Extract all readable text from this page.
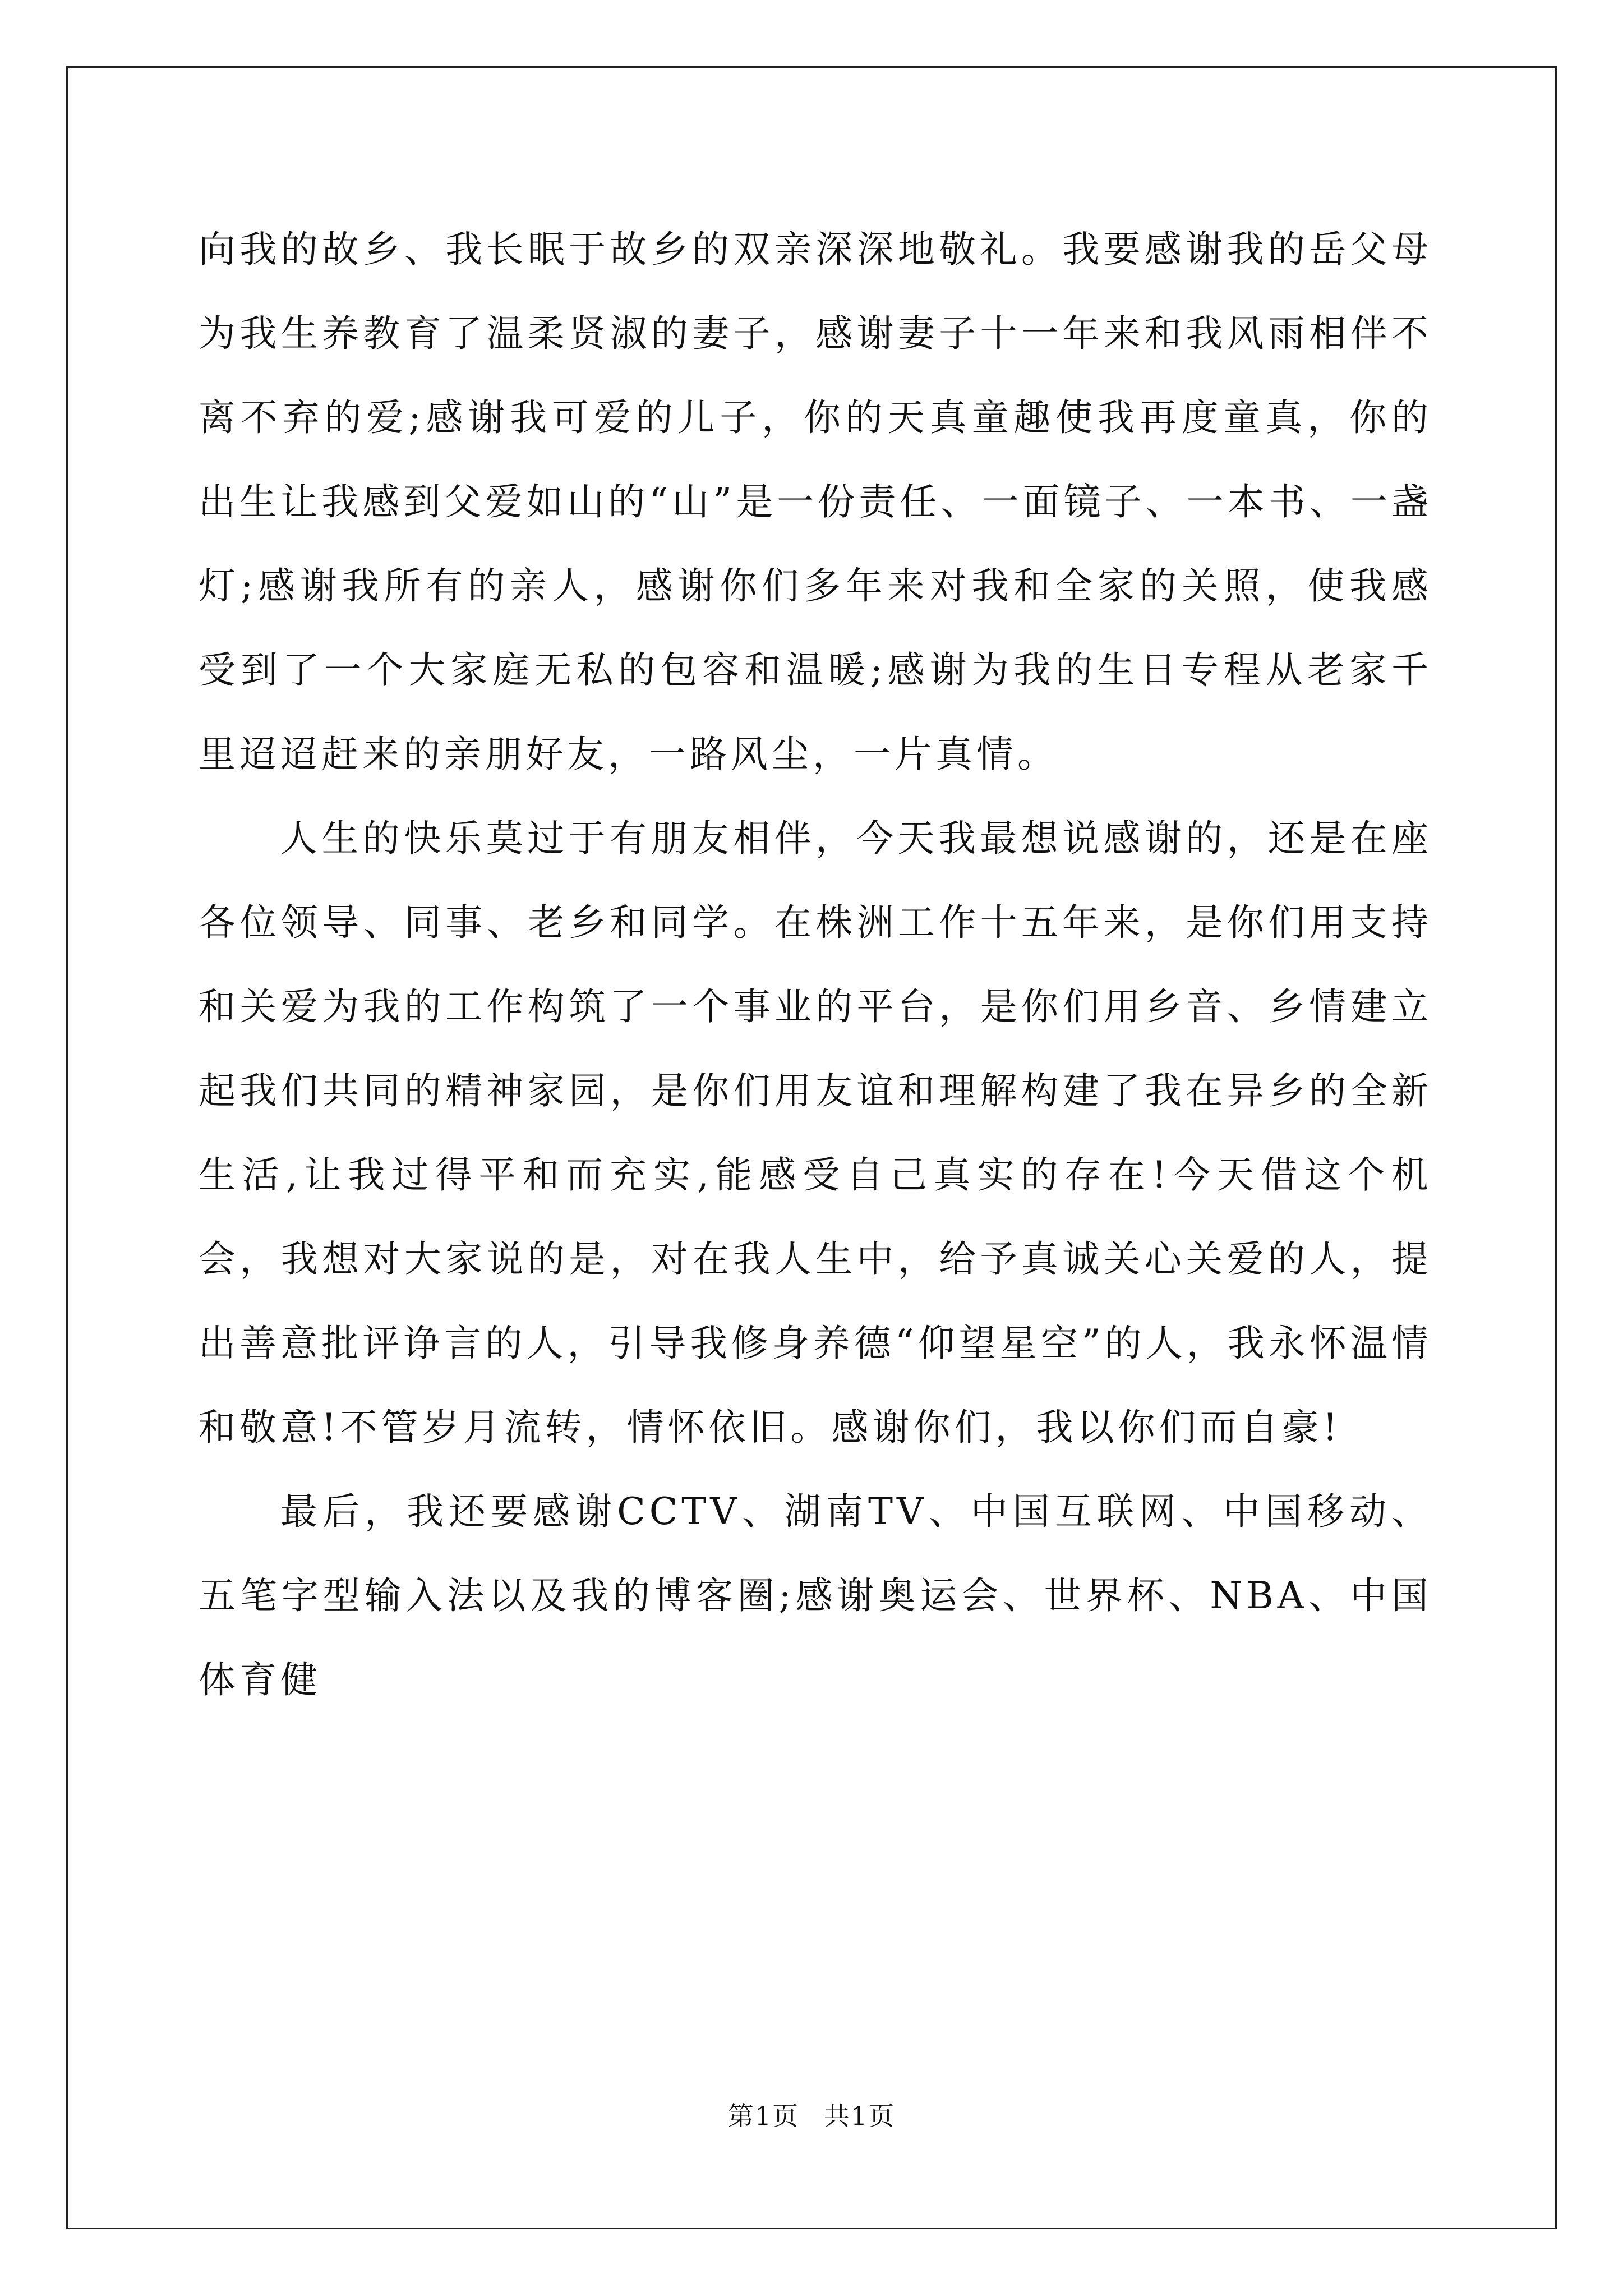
向我的故乡、我长眠于故乡的双亲深深地敬礼。我要感谢我的岳父母为我生养教育了温柔贤淑的妻子，感谢妻子十一年来和我风雨相伴不离不弃的爱;感谢我可爱的儿子，你的天真童趣使我再度童真，你的出生让我感到父爱如山的“山”是一份责任、一面镜子、一本书、一盏灯;感谢我所有的亲人，感谢你们多年来对我和全家的关照，使我感受到了一个大家庭无私的包容和温暖;感谢为我的生日专程从老家千里迢迢赶来的亲朋好友，一路风尘，一片真情。

人生的快乐莫过于有朋友相伴，今天我最想说感谢的，还是在座各位领导、同事、老乡和同学。在株洲工作十五年来，是你们用支持和关爱为我的工作构筑了一个事业的平台，是你们用乡音、乡情建立起我们共同的精神家园，是你们用友谊和理解构建了我在异乡的全新生活,让我过得平和而充实,能感受自己真实的存在!今天借这个机会，我想对大家说的是，对在我人生中，给予真诚关心关爱的人，提出善意批评诤言的人，引导我修身养德“仰望星空”的人，我永怀温情和敬意!不管岁月流转，情怀依旧。感谢你们，我以你们而自豪!

最后，我还要感谢CCTV、湖南TV、中国互联网、中国移动、五笔字型输入法以及我的博客圈;感谢奥运会、世界杯、NBA、中国体育健

第1页 共1页
